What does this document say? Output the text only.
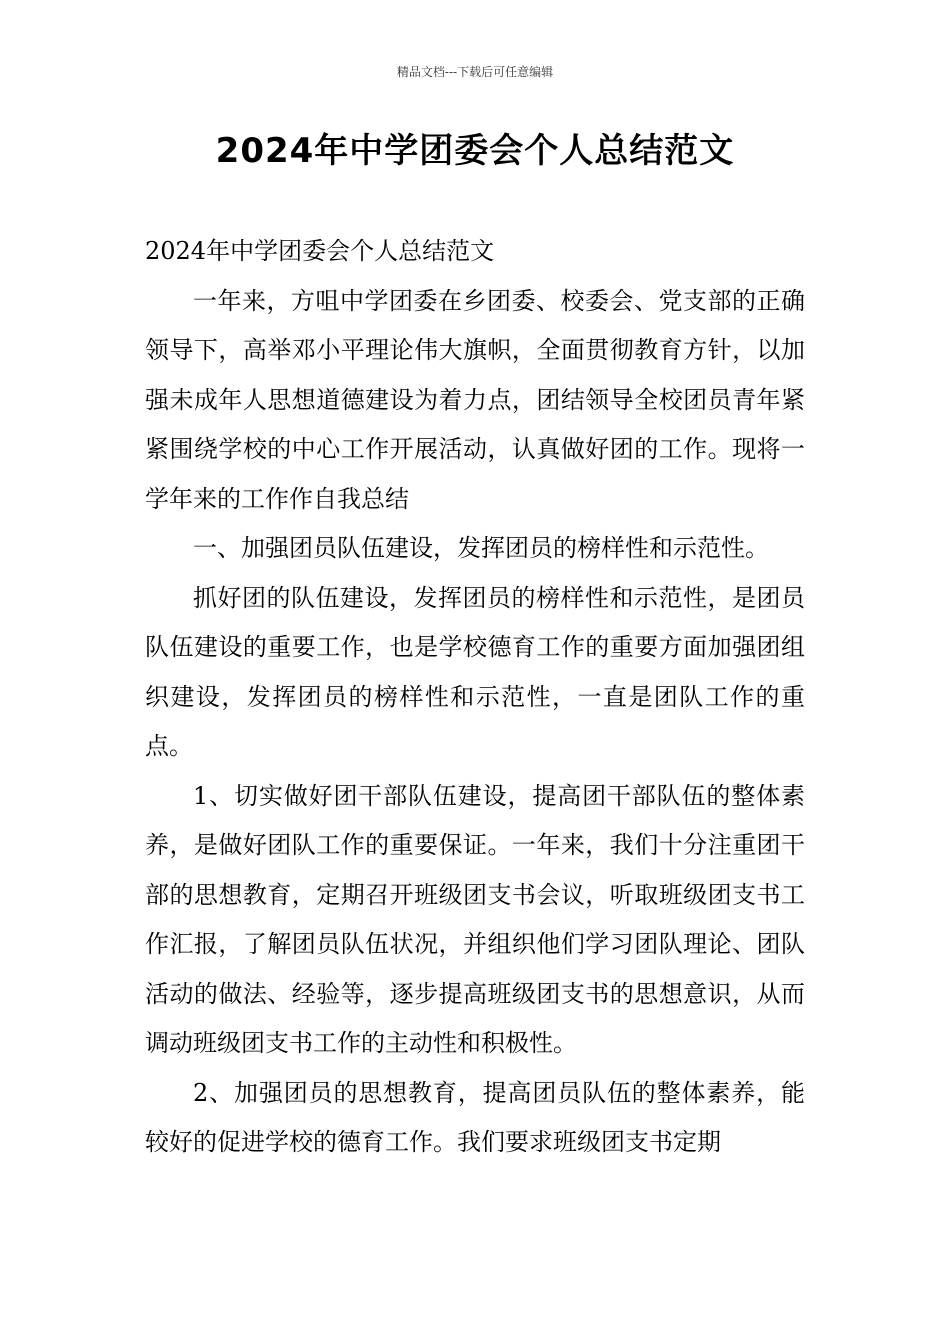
精品文档---下载后可任意编辑
2024年中学团委会个人总结范文

2024年中学团委会个人总结范文

一年来，方咀中学团委在乡团委、校委会、党支部的正确领导下，高举邓小平理论伟大旗帜，全面贯彻教育方针，以加强未成年人思想道德建设为着力点，团结领导全校团员青年紧紧围绕学校的中心工作开展活动，认真做好团的工作。现将一学年来的工作作自我总结

一、加强团员队伍建设，发挥团员的榜样性和示范性。

抓好团的队伍建设，发挥团员的榜样性和示范性，是团员队伍建设的重要工作，也是学校德育工作的重要方面加强团组织建设，发挥团员的榜样性和示范性，一直是团队工作的重点。

1、切实做好团干部队伍建设，提高团干部队伍的整体素养，是做好团队工作的重要保证。一年来，我们十分注重团干部的思想教育，定期召开班级团支书会议，听取班级团支书工作汇报，了解团员队伍状况，并组织他们学习团队理论、团队活动的做法、经验等，逐步提高班级团支书的思想意识，从而调动班级团支书工作的主动性和积极性。

2、加强团员的思想教育，提高团员队伍的整体素养，能较好的促进学校的德育工作。我们要求班级团支书定期
